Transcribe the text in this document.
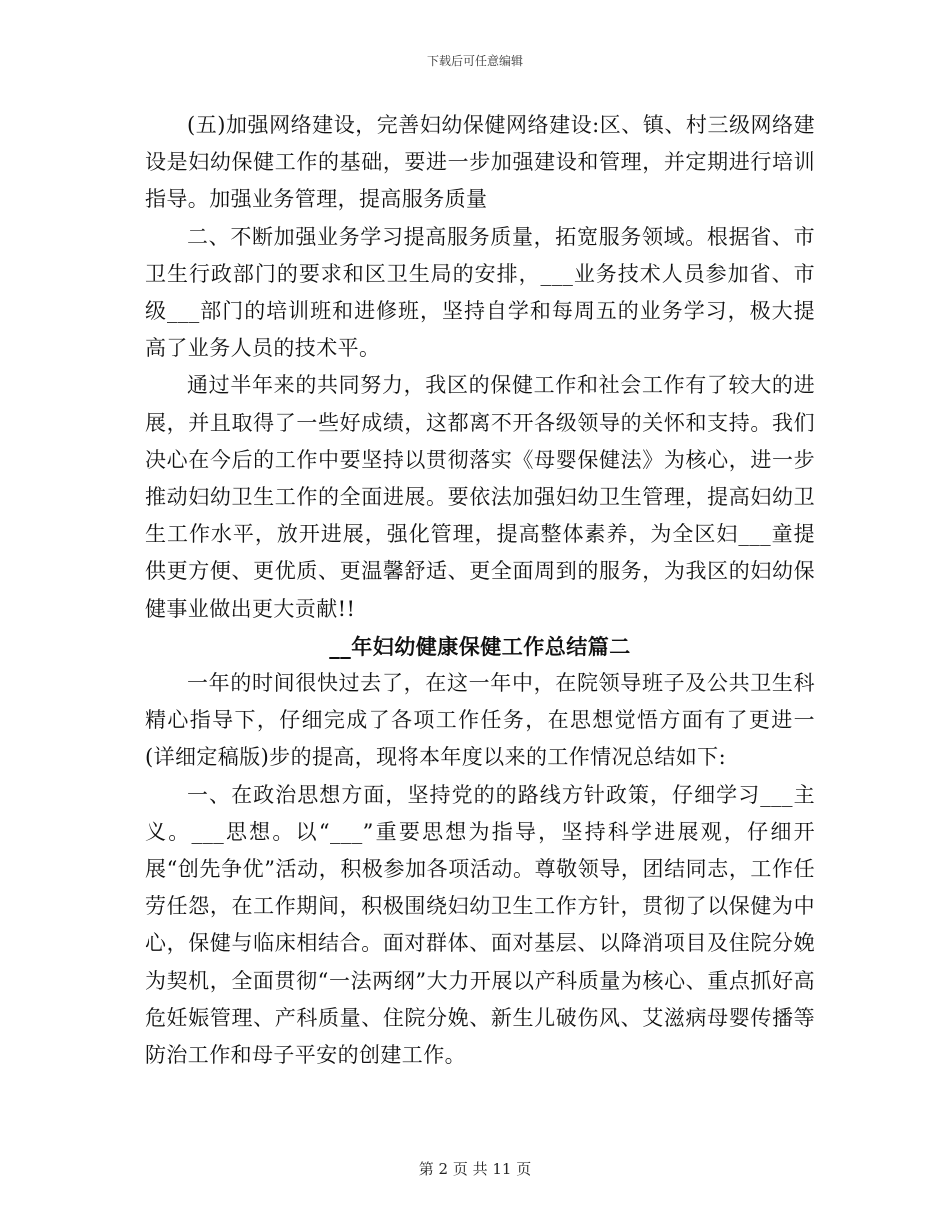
下载后可任意编辑

(五)加强网络建设，完善妇幼保健网络建设:区、镇、村三级网络建设是妇幼保健工作的基础，要进一步加强建设和管理，并定期进行培训指导。加强业务管理，提高服务质量

二、不断加强业务学习提高服务质量，拓宽服务领域。根据省、市卫生行政部门的要求和区卫生局的安排，___业务技术人员参加省、市级___部门的培训班和进修班，坚持自学和每周五的业务学习，极大提高了业务人员的技术平。

通过半年来的共同努力，我区的保健工作和社会工作有了较大的进展，并且取得了一些好成绩，这都离不开各级领导的关怀和支持。我们决心在今后的工作中要坚持以贯彻落实《母婴保健法》为核心，进一步推动妇幼卫生工作的全面进展。要依法加强妇幼卫生管理，提高妇幼卫生工作水平，放开进展，强化管理，提高整体素养，为全区妇___童提供更方便、更优质、更温馨舒适、更全面周到的服务，为我区的妇幼保健事业做出更大贡献!!

__年妇幼健康保健工作总结篇二

一年的时间很快过去了，在这一年中，在院领导班子及公共卫生科精心指导下，仔细完成了各项工作任务，在思想觉悟方面有了更进一(详细定稿版)步的提高，现将本年度以来的工作情况总结如下:

一、在政治思想方面，坚持党的的路线方针政策，仔细学习___主义。___思想。以“___”重要思想为指导，坚持科学进展观，仔细开展“创先争优”活动，积极参加各项活动。尊敬领导，团结同志，工作任劳任怨，在工作期间，积极围绕妇幼卫生工作方针，贯彻了以保健为中心，保健与临床相结合。面对群体、面对基层、以降消项目及住院分娩为契机，全面贯彻“一法两纲”大力开展以产科质量为核心、重点抓好高危妊娠管理、产科质量、住院分娩、新生儿破伤风、艾滋病母婴传播等防治工作和母子平安的创建工作。

第 2 页 共 11 页
